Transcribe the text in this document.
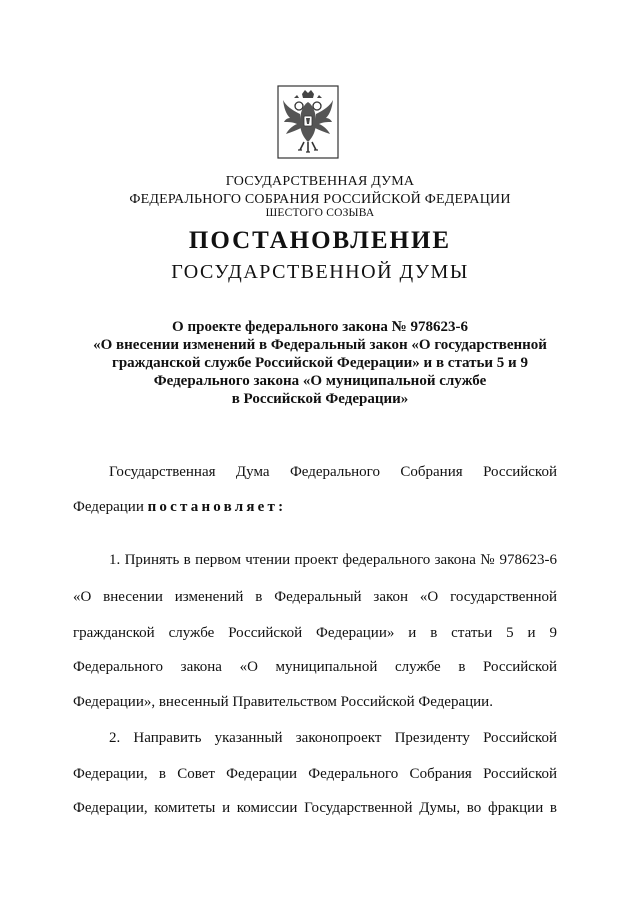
ГОСУДАРСТВЕННАЯ ДУМА
ФЕДЕРАЛЬНОГО СОБРАНИЯ РОССИЙСКОЙ ФЕДЕРАЦИИ
ШЕСТОГО СОЗЫВА
ПОСТАНОВЛЕНИЕ
ГОСУДАРСТВЕННОЙ ДУМЫ
О проекте федерального закона № 978623-6
«О внесении изменений в Федеральный закон «О государственной
гражданской службе Российской Федерации» и в статьи 5 и 9
Федерального закона «О муниципальной службе
в Российской Федерации»
Государственная Дума Федерального Собрания Российской
Федерации постановляет:
1. Принять в первом чтении проект федерального закона № 978623-6
«О внесении изменений в Федеральный закон «О государственной
гражданской службе Российской Федерации» и в статьи 5 и 9
Федерального закона «О муниципальной службе в Российской
Федерации», внесенный Правительством Российской Федерации.
2. Направить указанный законопроект Президенту Российской
Федерации, в Совет Федерации Федерального Собрания Российской
Федерации, комитеты и комиссии Государственной Думы, во фракции в
